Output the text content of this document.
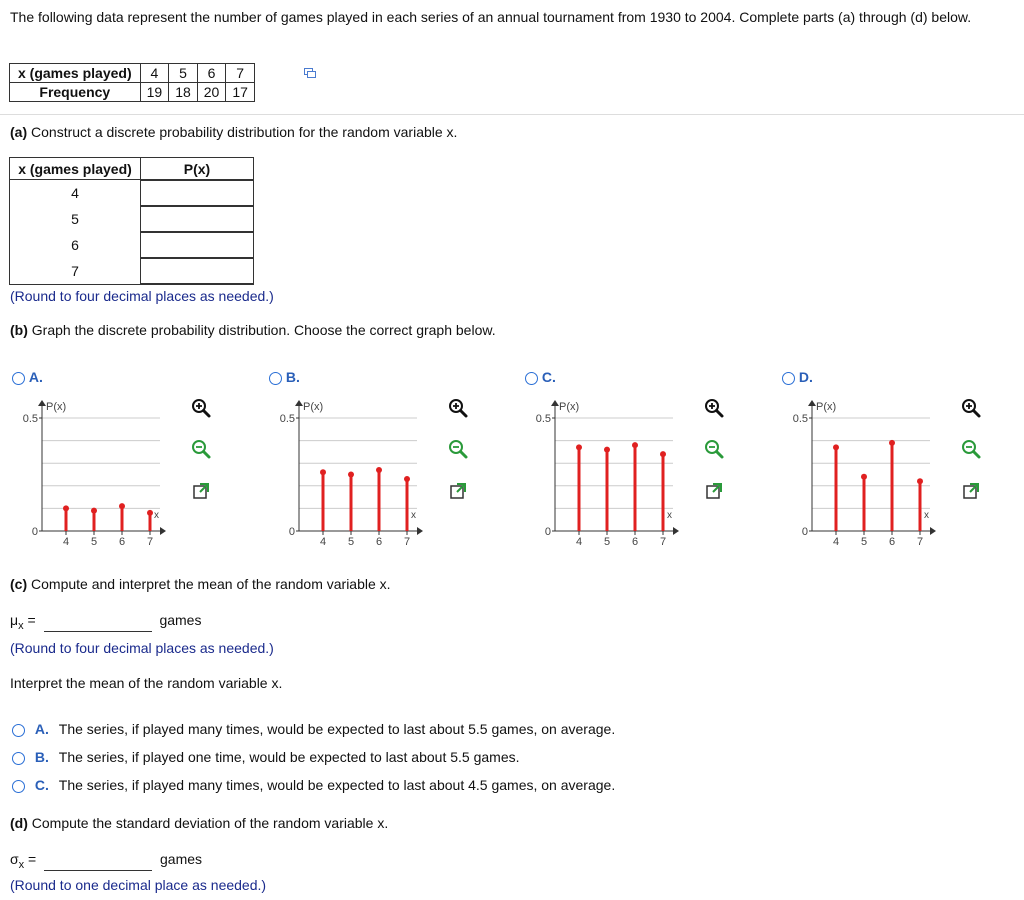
The following data represent the number of games played in each series of an annual tournament from 1930 to 2004. Complete parts (a) through (d) below.
x (games played)	4	5	6	7
Frequency	19	18	20	17
(a) Construct a discrete probability distribution for the random variable x.
x (games played)	P(x)
4	

5	

6	

7	
(Round to four decimal places as needed.)
(b) Graph the discrete probability distribution. Choose the correct graph below.
A.
0.5
0
P(x)
x
4 5 6 7
B.
0.5
0
P(x)
x
4 5 6 7
C.
0.5
0
P(x)
x
4 5 6 7
D.
0.5
0
P(x)
x
4 5 6 7
(c) Compute and interpret the mean of the random variable x.
$\mu_x$ =	games
(Round to four decimal places as needed.)
Interpret the mean of the random variable x.
A. The series, if played many times, would be expected to last about 5.5 games, on average.
B. The series, if played one time, would be expected to last about 5.5 games.
C. The series, if played many times, would be expected to last about 4.5 games, on average.
(d) Compute the standard deviation of the random variable x.
$\sigma_x$ =	games
(Round to one decimal place as needed.)
